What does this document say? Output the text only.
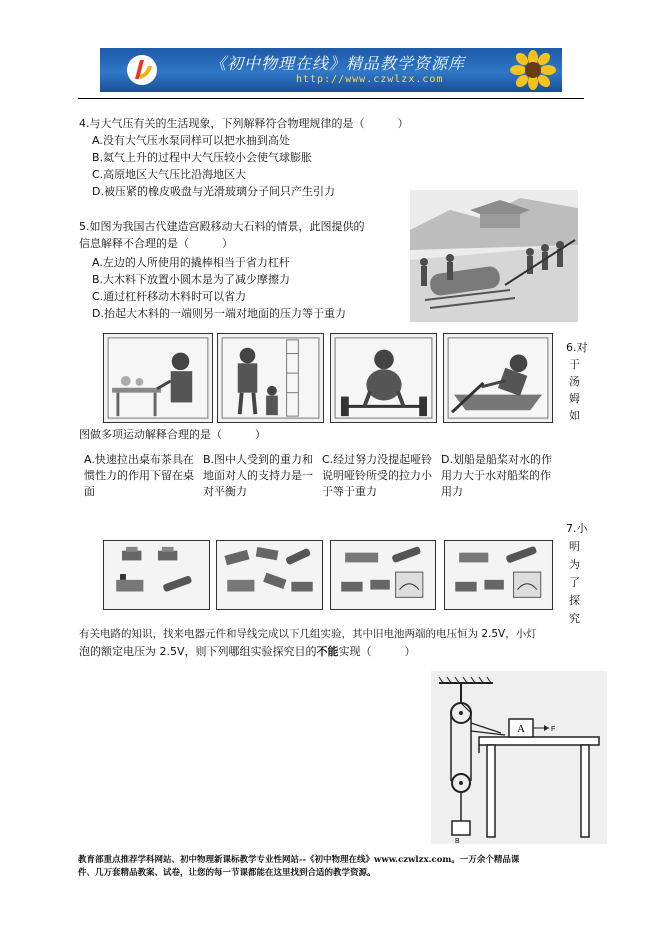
《初中物理在线》精品教学资源库
http://www.czwlzx.com
4.与大气压有关的生活现象，下列解释符合物理规律的是（　　　）
A.没有大气压水泵同样可以把水抽到高处
B.氦气上升的过程中大气压较小会使气球膨胀
C.高原地区大气压比沿海地区大
D.被压紧的橡皮吸盘与光滑玻璃分子间只产生引力
5.如图为我国古代建造宫殿移动大石料的情景，此图提供的
信息解释不合理的是（　　　）
A.左边的人所使用的撬棒相当于省力杠杆
B.大木料下放置小圆木是为了减少摩擦力
C.通过杠杆移动木料时可以省力
D.抬起大木料的一端则另一端对地面的压力等于重力
6.对
于
汤
姆
如
图做多项运动解释合理的是（　　　）
A.快速拉出桌布茶具在惯性力的作用下留在桌面
B.图中人受到的重力和地面对人的支持力是一对平衡力
C.经过努力没提起哑铃说明哑铃所受的拉力小于等于重力
D.划船是船桨对水的作用力大于水对船桨的作用力
7.小
明
为
了
探
究
有关电路的知识，找来电器元件和导线完成以下几组实验，其中旧电池两端的电压恒为 2.5V，小灯
泡的额定电压为 2.5V，则下列哪组实验探究目的不能实现（　　　）
A	F
B
教育部重点推荐学科网站、初中物理新课标教学专业性网站--《初中物理在线》www.czwlzx.com。一万余个精品课
件、几万套精品教案、试卷，让您的每一节课都能在这里找到合适的教学资源。
